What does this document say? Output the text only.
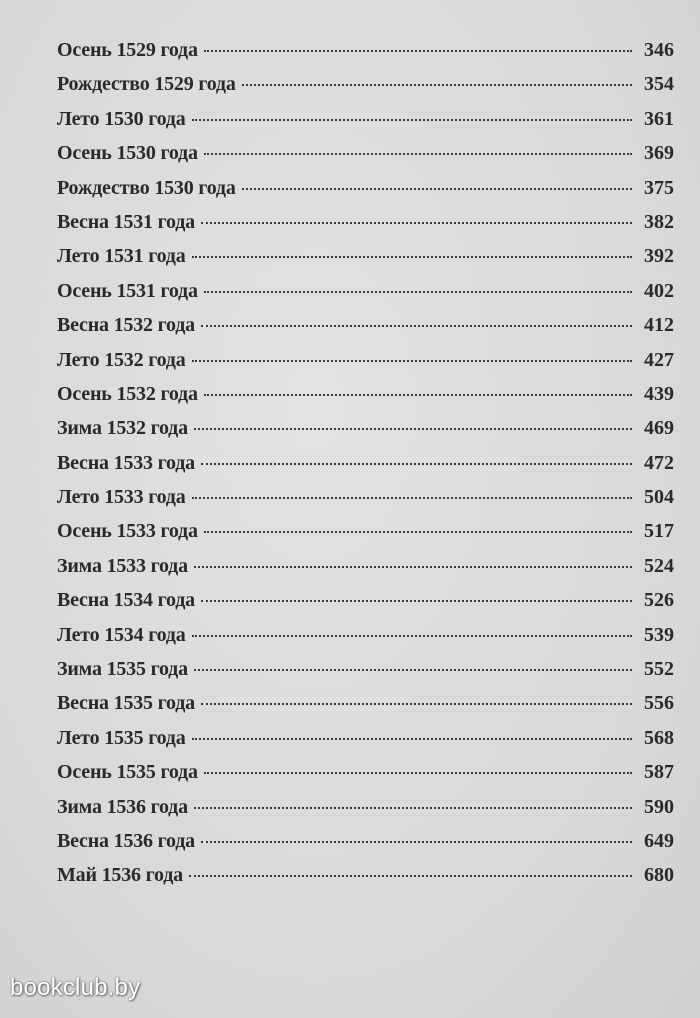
Осень 1529 года	346
Рождество 1529 года	354
Лето 1530 года	361
Осень 1530 года	369
Рождество 1530 года	375
Весна 1531 года	382
Лето 1531 года	392
Осень 1531 года	402
Весна 1532 года	412
Лето 1532 года	427
Осень 1532 года	439
Зима 1532 года	469
Весна 1533 года	472
Лето 1533 года	504
Осень 1533 года	517
Зима 1533 года	524
Весна 1534 года	526
Лето 1534 года	539
Зима 1535 года	552
Весна 1535 года	556
Лето 1535 года	568
Осень 1535 года	587
Зима 1536 года	590
Весна 1536 года	649
Май 1536 года	680
bookclub.by
